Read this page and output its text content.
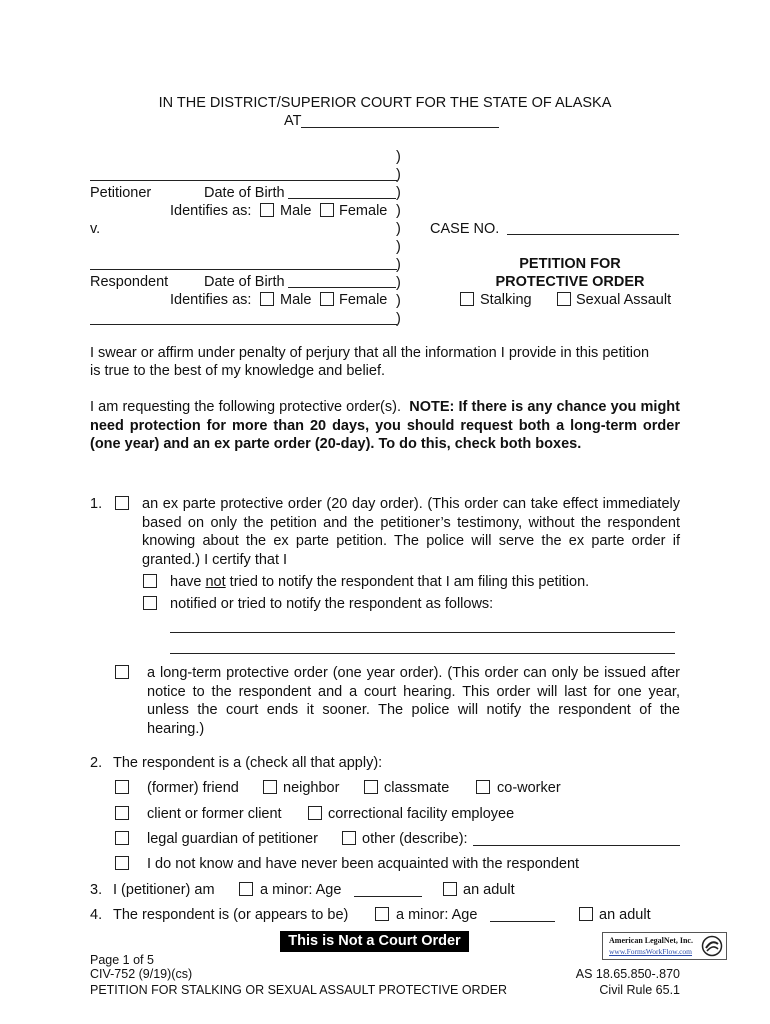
IN THE DISTRICT/SUPERIOR COURT FOR THE STATE OF ALASKA
AT
)
)
)
)
)
)
)
)
)
)
Petitioner	Date of Birth
Identifies as: Male Female
v.	CASE NO.
Respondent Date of Birth
Identifies as: Male Female
PETITION FOR
PROTECTIVE ORDER
Stalking	Sexual Assault
I swear or affirm under penalty of perjury that all the information I provide in this petition
is true to the best of my knowledge and belief.
I am requesting the following protective order(s). NOTE: If there is any chance you might need protection for more than 20 days, you should request both a long-term order (one year) and an ex parte order (20-day). To do this, check both boxes.
1.	an ex parte protective order (20 day order). (This order can take effect immediately based on only the petition and the petitioner’s testimony, without the respondent knowing about the ex parte petition. The police will serve the ex parte order if granted.) I certify that I
have not tried to notify the respondent that I am filing this petition.
notified or tried to notify the respondent as follows:
a long-term protective order (one year order). (This order can only be issued after notice to the respondent and a court hearing. This order will last for one year, unless the court ends it sooner. The police will notify the respondent of the hearing.)
2. The respondent is a (check all that apply):
(former) friend	neighbor	classmate	co-worker
client or former client	correctional facility employee
legal guardian of petitioner	other (describe):
I do not know and have never been acquainted with the respondent
3. I (petitioner) am	a minor: Age	an adult
4. The respondent is (or appears to be)	a minor: Age	an adult
This is Not a Court Order	American LegalNet, Inc.
www.FormsWorkFlow.com
Page 1 of 5
CIV-752 (9/19)(cs)
PETITION FOR STALKING OR SEXUAL ASSAULT PROTECTIVE ORDER
AS 18.65.850-.870
Civil Rule 65.1
